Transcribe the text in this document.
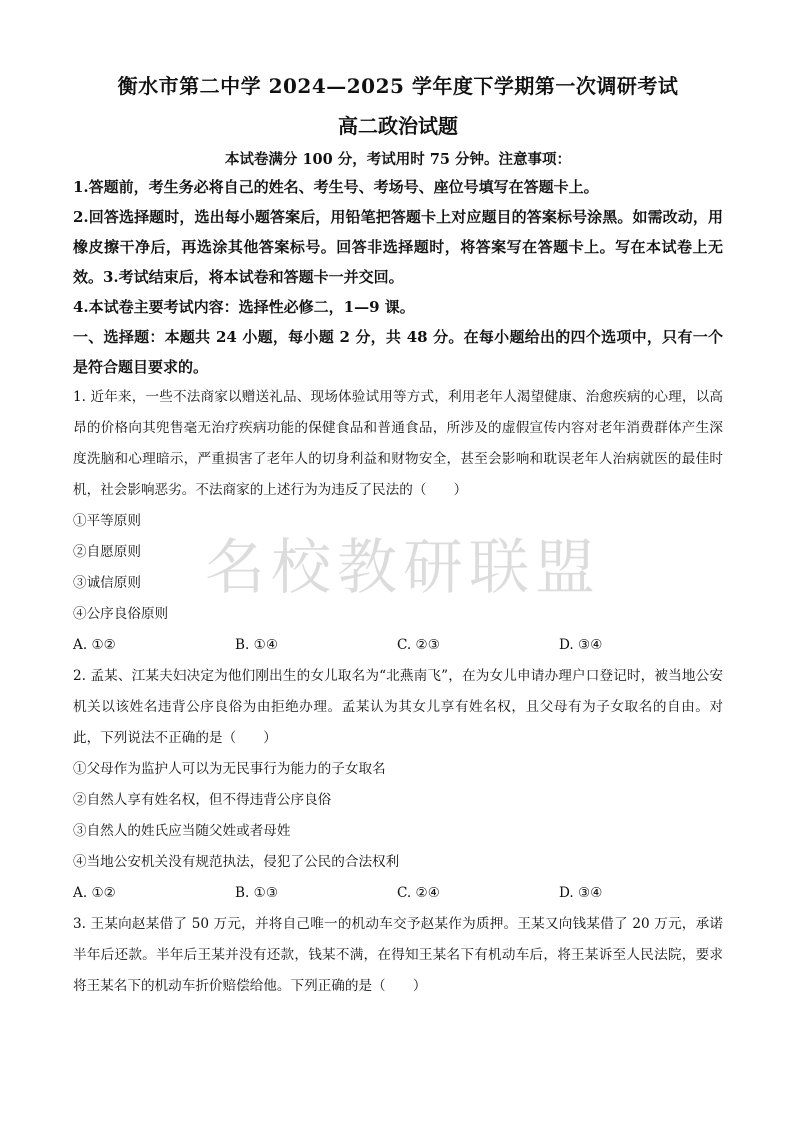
名校教研联盟
衡水市第二中学 2024—2025 学年度下学期第一次调研考试
高二政治试题
本试卷满分 100 分，考试用时 75 分钟。注意事项：
1.答题前，考生务必将自己的姓名、考生号、考场号、座位号填写在答题卡上。
2.回答选择题时，选出每小题答案后，用铅笔把答题卡上对应题目的答案标号涂黑。如需改动，用橡皮擦干净后，再选涂其他答案标号。回答非选择题时，将答案写在答题卡上。写在本试卷上无效。3.考试结束后，将本试卷和答题卡一并交回。
4.本试卷主要考试内容：选择性必修二，1—9 课。
一、选择题：本题共 24 小题，每小题 2 分，共 48 分。在每小题给出的四个选项中，只有一个是符合题目要求的。
1. 近年来，一些不法商家以赠送礼品、现场体验试用等方式，利用老年人渴望健康、治愈疾病的心理，以高昂的价格向其兜售毫无治疗疾病功能的保健食品和普通食品，所涉及的虚假宣传内容对老年消费群体产生深度洗脑和心理暗示，严重损害了老年人的切身利益和财物安全，甚至会影响和耽误老年人治病就医的最佳时机，社会影响恶劣。不法商家的上述行为为违反了民法的（　　）
①平等原则
②自愿原则
③诚信原则
④公序良俗原则
A. ①②	B. ①④	C. ②③	D. ③④
2. 孟某、江某夫妇决定为他们刚出生的女儿取名为“北燕南飞”，在为女儿申请办理户口登记时，被当地公安机关以该姓名违背公序良俗为由拒绝办理。孟某认为其女儿享有姓名权，且父母有为子女取名的自由。对此，下列说法不正确的是（　　）
①父母作为监护人可以为无民事行为能力的子女取名
②自然人享有姓名权，但不得违背公序良俗
③自然人的姓氏应当随父姓或者母姓
④当地公安机关没有规范执法，侵犯了公民的合法权利
A. ①②	B. ①③	C. ②④	D. ③④
3. 王某向赵某借了 50 万元，并将自己唯一的机动车交予赵某作为质押。王某又向钱某借了 20 万元，承诺半年后还款。半年后王某并没有还款，钱某不满，在得知王某名下有机动车后，将王某诉至人民法院，要求将王某名下的机动车折价赔偿给他。下列正确的是（　　）
